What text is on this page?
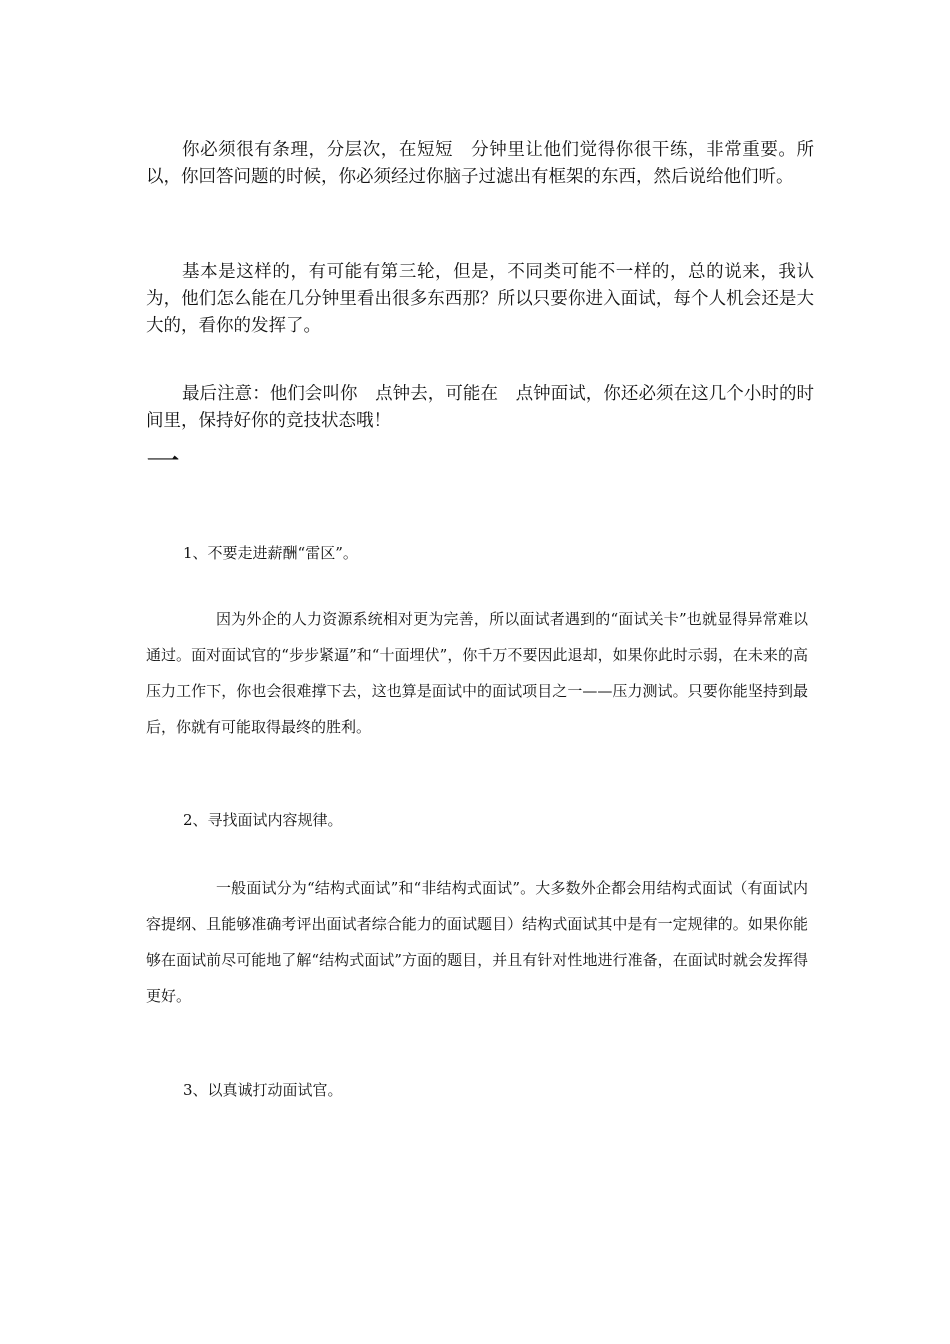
你必须很有条理，分层次，在短短　分钟里让他们觉得你很干练，非常重要。所以，你回答问题的时候，你必须经过你脑子过滤出有框架的东西，然后说给他们听。

基本是这样的，有可能有第三轮，但是，不同类可能不一样的，总的说来，我认为，他们怎么能在几分钟里看出很多东西那？所以只要你进入面试，每个人机会还是大大的，看你的发挥了。

最后注意：他们会叫你　点钟去，可能在　点钟面试，你还必须在这几个小时的时间里，保持好你的竞技状态哦！

一

1、不要走进薪酬“雷区”。

因为外企的人力资源系统相对更为完善，所以面试者遇到的“面试关卡”也就显得异常难以通过。面对面试官的“步步紧逼”和“十面埋伏”，你千万不要因此退却，如果你此时示弱，在未来的高压力工作下，你也会很难撑下去，这也算是面试中的面试项目之一——压力测试。只要你能坚持到最后，你就有可能取得最终的胜利。

2、寻找面试内容规律。

一般面试分为“结构式面试”和“非结构式面试”。大多数外企都会用结构式面试（有面试内容提纲、且能够准确考评出面试者综合能力的面试题目）结构式面试其中是有一定规律的。如果你能够在面试前尽可能地了解“结构式面试”方面的题目，并且有针对性地进行准备，在面试时就会发挥得更好。

3、以真诚打动面试官。
